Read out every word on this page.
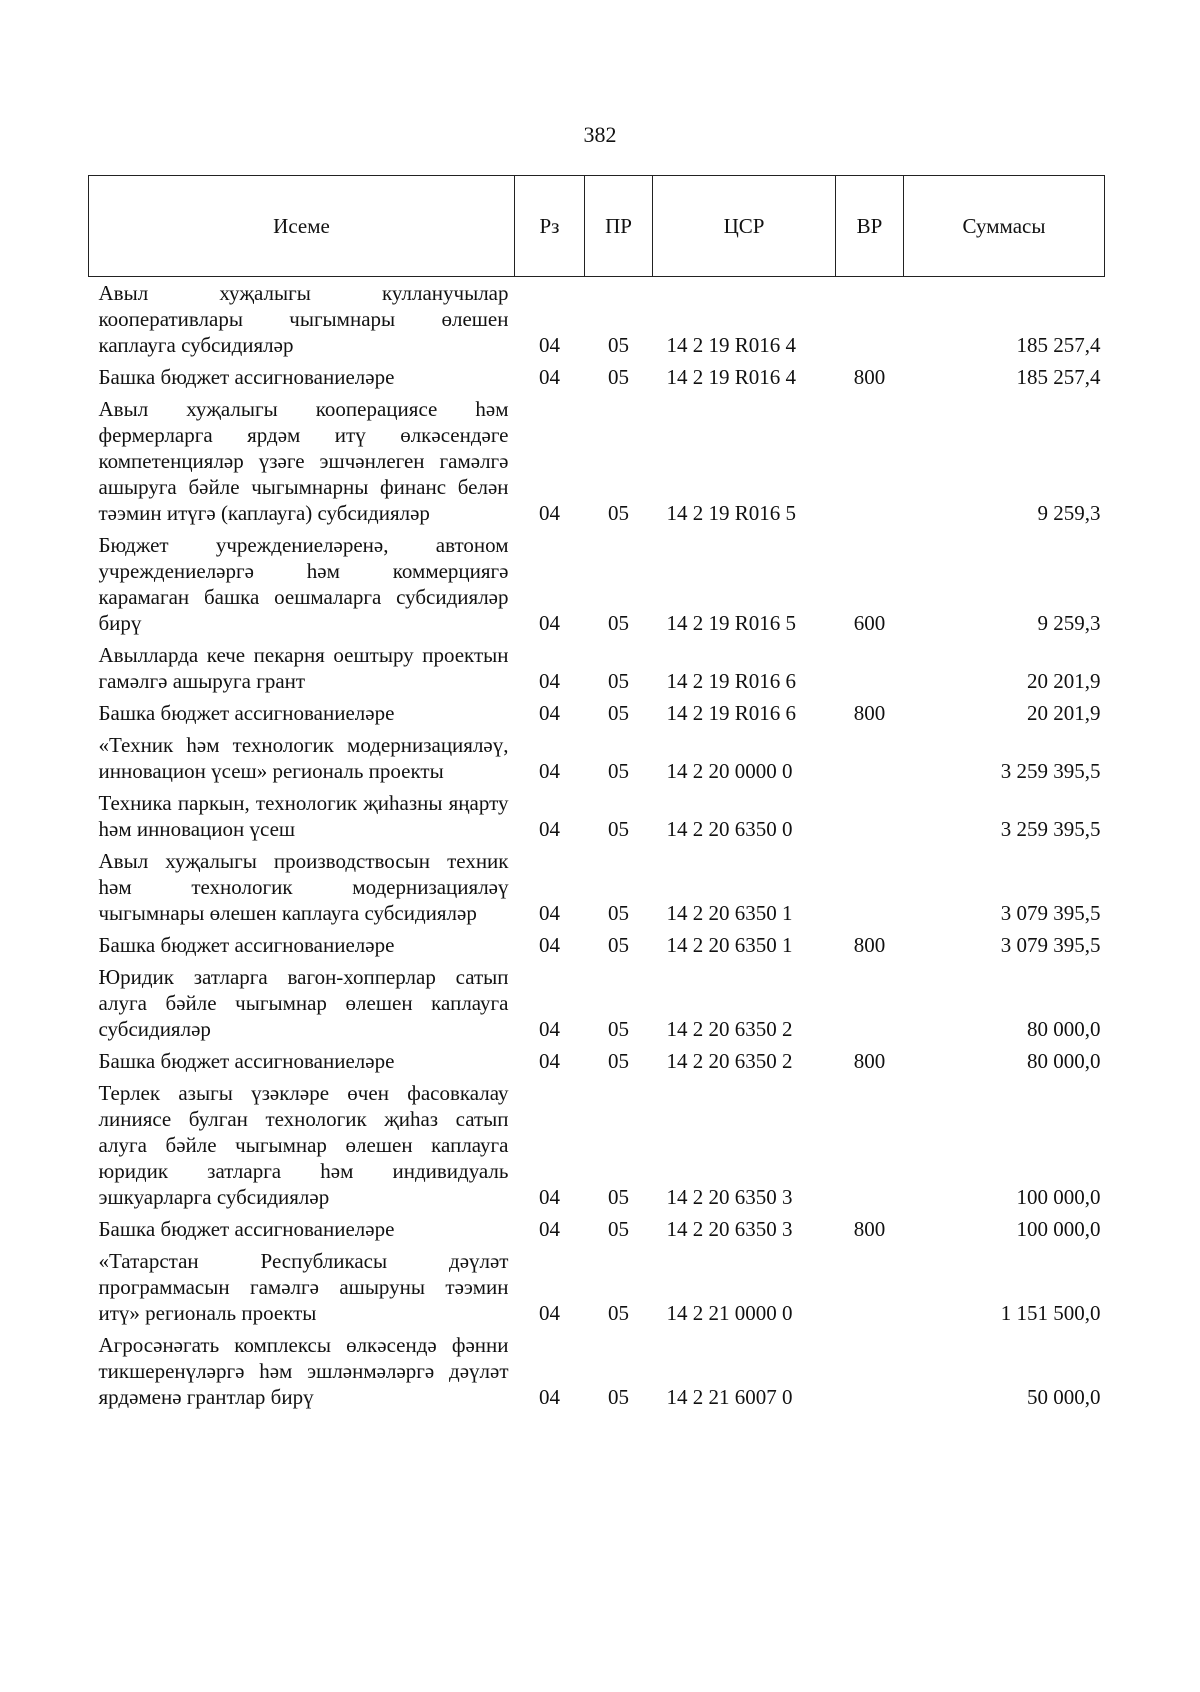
382
Исеме	Рз	ПР	ЦСР	ВР	Суммасы
Авыл хуҗалыгы кулланучылар кооперативлары чыгымнары өлешен каплауга субсидияләр	04	05	14 2 19 R016 4		185 257,4
Башка бюджет ассигнованиеләре	04	05	14 2 19 R016 4	800	185 257,4
Авыл хуҗалыгы кооперациясе һәм фермерларга ярдәм итү өлкәсендәге компетенцияләр үзәге эшчәнлеген гамәлгә ашыруга бәйле чыгымнарны финанс белән тәэмин итүгә (каплауга) субсидияләр	04	05	14 2 19 R016 5		9 259,3
Бюджет учреждениеләренә, автоном учреждениеләргә һәм коммерциягә карамаган башка оешмаларга субсидияләр бирү	04	05	14 2 19 R016 5	600	9 259,3
Авылларда кече пекарня оештыру проектын гамәлгә ашыруга грант	04	05	14 2 19 R016 6		20 201,9
Башка бюджет ассигнованиеләре	04	05	14 2 19 R016 6	800	20 201,9
«Техник һәм технологик модернизацияләү, инновацион үсеш» региональ проекты	04	05	14 2 20 0000 0		3 259 395,5
Техника паркын, технологик җиһазны яңарту һәм инновацион үсеш	04	05	14 2 20 6350 0		3 259 395,5
Авыл хуҗалыгы производствосын техник һәм технологик модернизацияләү чыгымнары өлешен каплауга субсидияләр	04	05	14 2 20 6350 1		3 079 395,5
Башка бюджет ассигнованиеләре	04	05	14 2 20 6350 1	800	3 079 395,5
Юридик затларга вагон-хопперлар сатып алуга бәйле чыгымнар өлешен каплауга субсидияләр	04	05	14 2 20 6350 2		80 000,0
Башка бюджет ассигнованиеләре	04	05	14 2 20 6350 2	800	80 000,0
Терлек азыгы үзәкләре өчен фасовкалау линиясе булган технологик җиһаз сатып алуга бәйле чыгымнар өлешен каплауга юридик затларга һәм индивидуаль эшкуарларга субсидияләр	04	05	14 2 20 6350 3		100 000,0
Башка бюджет ассигнованиеләре	04	05	14 2 20 6350 3	800	100 000,0
«Татарстан Республикасы дәүләт программасын гамәлгә ашыруны тәэмин итү» региональ проекты	04	05	14 2 21 0000 0		1 151 500,0
Агросәнәгать комплексы өлкәсендә фәнни тикшеренүләргә һәм эшләнмәләргә дәүләт ярдәменә грантлар бирү	04	05	14 2 21 6007 0		50 000,0
